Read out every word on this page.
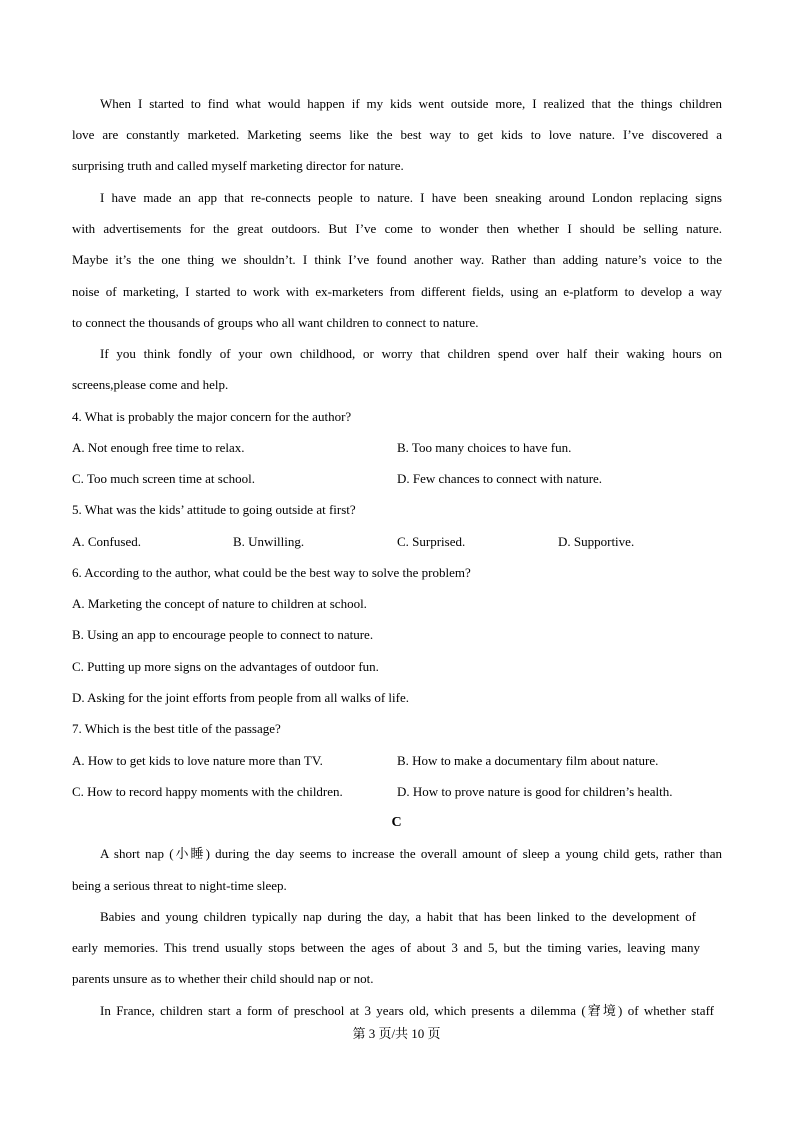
When I started to find what would happen if my kids went outside more, I realized that the things children
love are constantly marketed. Marketing seems like the best way to get kids to love nature. I’ve discovered a
surprising truth and called myself marketing director for nature.
I have made an app that re-connects people to nature. I have been sneaking around London replacing signs
with advertisements for the great outdoors. But I’ve come to wonder then whether I should be selling nature.
Maybe it’s the one thing we shouldn’t. I think I’ve found another way. Rather than adding nature’s voice to the
noise of marketing, I started to work with ex-marketers from different fields, using an e-platform to develop a way
to connect the thousands of groups who all want children to connect to nature.
If you think fondly of your own childhood, or worry that children spend over half their waking hours on
screens,please come and help.
4. What is probably the major concern for the author?
A. Not enough free time to relax.	B. Too many choices to have fun.
C. Too much screen time at school.	D. Few chances to connect with nature.
5. What was the kids’ attitude to going outside at first?
A. Confused.	B. Unwilling.	C. Surprised.	D. Supportive.
6. According to the author, what could be the best way to solve the problem?
A. Marketing the concept of nature to children at school.
B. Using an app to encourage people to connect to nature.
C. Putting up more signs on the advantages of outdoor fun.
D. Asking for the joint efforts from people from all walks of life.
7. Which is the best title of the passage?
A. How to get kids to love nature more than TV.	B. How to make a documentary film about nature.
C. How to record happy moments with the children.	D. How to prove nature is good for children’s health.
C
A short nap (小睡) during the day seems to increase the overall amount of sleep a young child gets, rather than
being a serious threat to night-time sleep.
Babies and young children typically nap during the day, a habit that has been linked to the development of
early memories. This trend usually stops between the ages of about 3 and 5, but the timing varies, leaving many
parents unsure as to whether their child should nap or not.
In France, children start a form of preschool at 3 years old, which presents a dilemma (窘境) of whether staff
第 3 页/共 10 页
